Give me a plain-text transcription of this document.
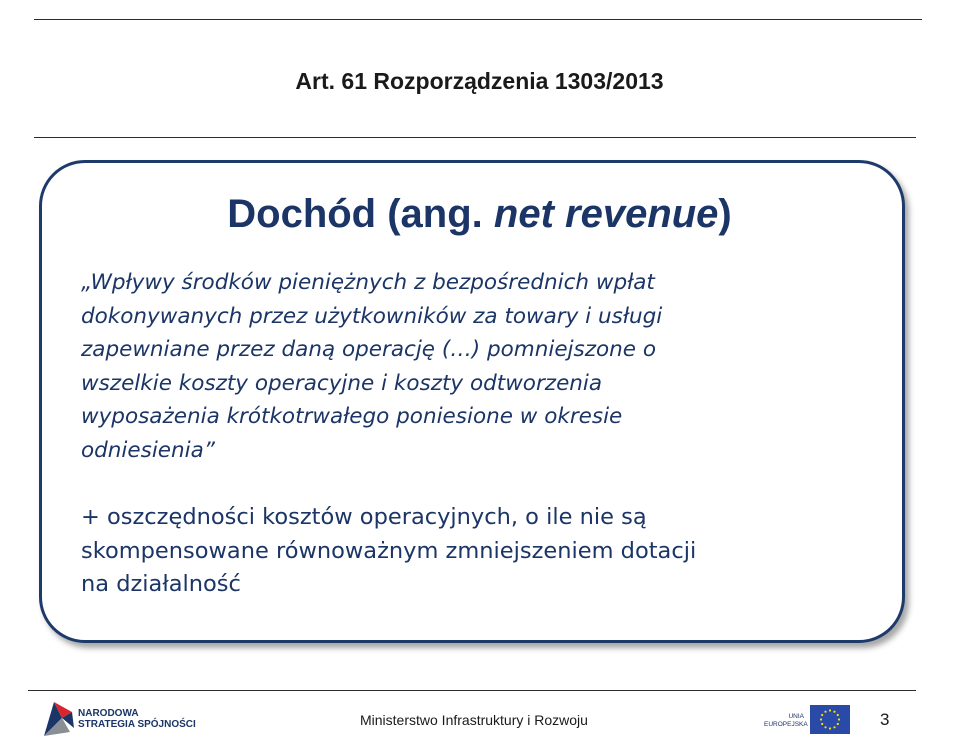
Art. 61 Rozporządzenia 1303/2013
Dochód (ang. net revenue)
„Wpływy środków pieniężnych z bezpośrednich wpłat
dokonywanych przez użytkowników za towary i usługi
zapewniane przez daną operację (…) pomniejszone o
wszelkie koszty operacyjne i koszty odtworzenia
wyposażenia krótkotrwałego poniesione w okresie
odniesienia”
+ oszczędności kosztów operacyjnych, o ile nie są
skompensowane równoważnym zmniejszeniem dotacji
na działalność
NARODOWA
STRATEGIA SPÓJNOŚCI	Ministerstwo Infrastruktury i Rozwoju	UNIA
EUROPEJSKA	3
